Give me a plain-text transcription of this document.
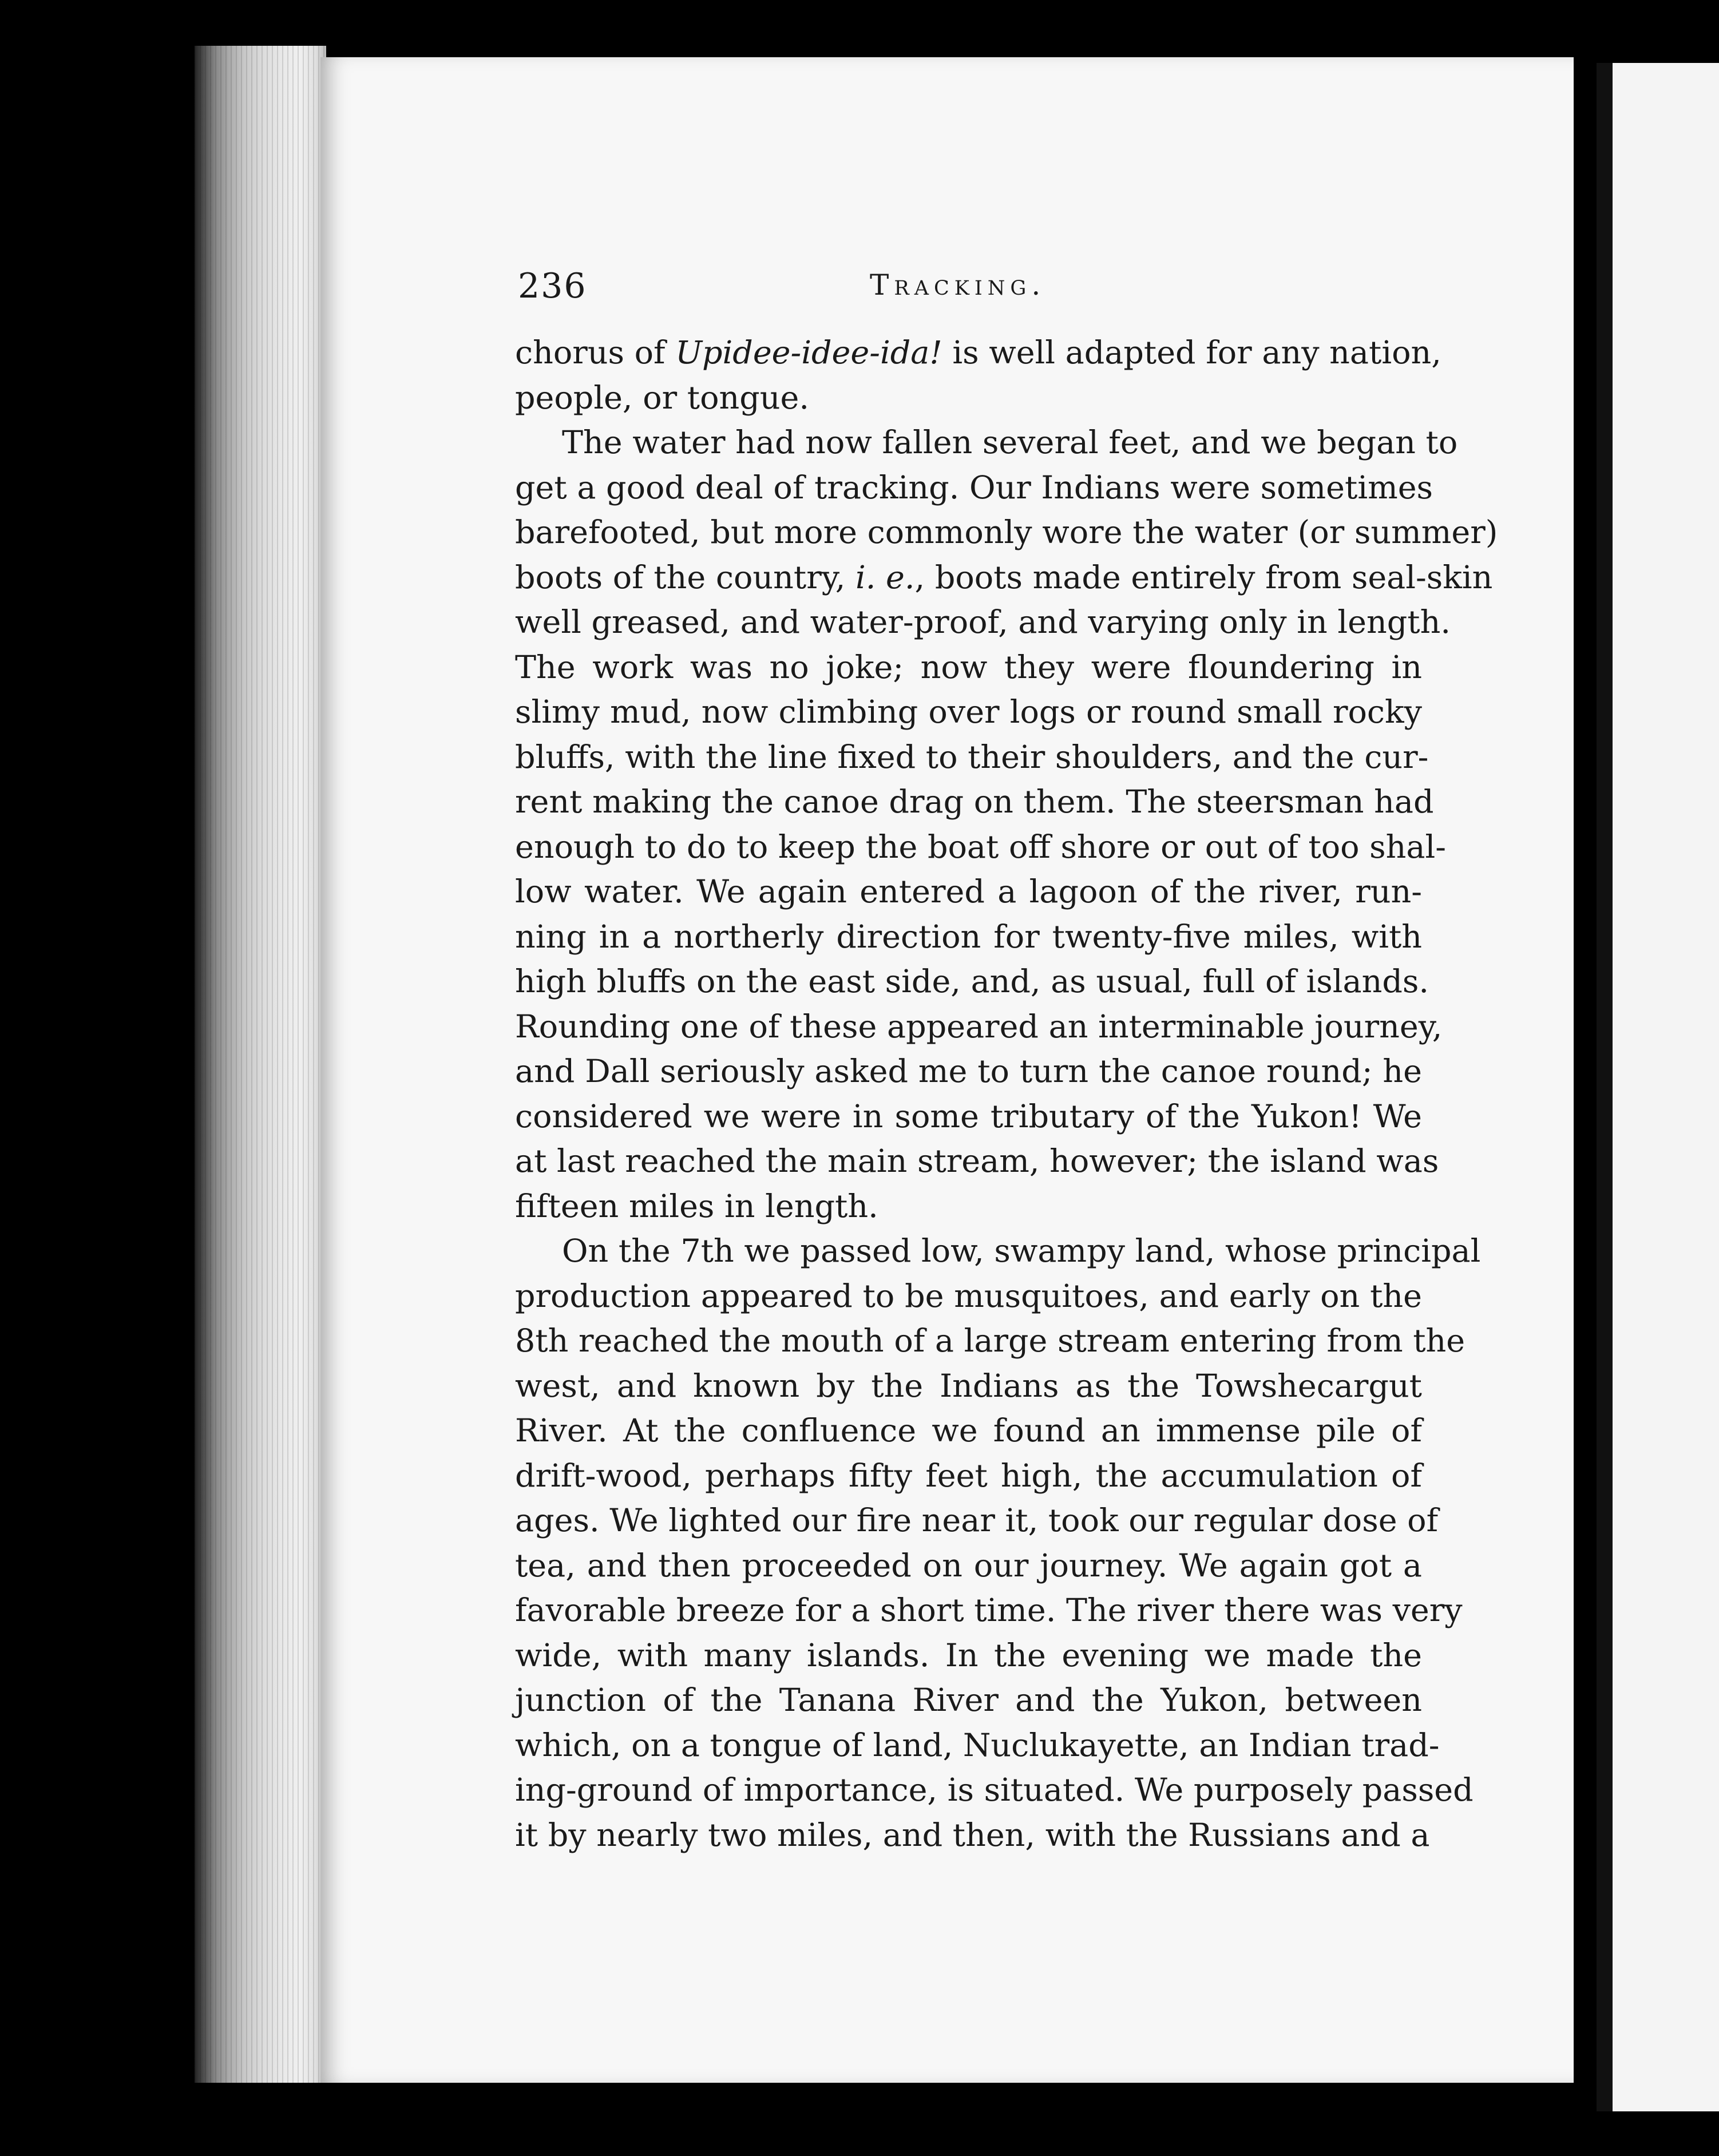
236	Tracking.
chorus of Upidee-idee-ida! is well adapted for any nation,
people, or tongue.
The water had now fallen several feet, and we began to
get a good deal of tracking. Our Indians were sometimes
barefooted, but more commonly wore the water (or summer)
boots of the country, i. e., boots made entirely from seal-skin
well greased, and water-proof, and varying only in length.
The work was no joke; now they were floundering in
slimy mud, now climbing over logs or round small rocky
bluffs, with the line fixed to their shoulders, and the cur-
rent making the canoe drag on them. The steersman had
enough to do to keep the boat off shore or out of too shal-
low water. We again entered a lagoon of the river, run-
ning in a northerly direction for twenty-five miles, with
high bluffs on the east side, and, as usual, full of islands.
Rounding one of these appeared an interminable journey,
and Dall seriously asked me to turn the canoe round; he
considered we were in some tributary of the Yukon! We
at last reached the main stream, however; the island was
fifteen miles in length.
On the 7th we passed low, swampy land, whose principal
production appeared to be musquitoes, and early on the
8th reached the mouth of a large stream entering from the
west, and known by the Indians as the Towshecargut
River. At the confluence we found an immense pile of
drift-wood, perhaps fifty feet high, the accumulation of
ages. We lighted our fire near it, took our regular dose of
tea, and then proceeded on our journey. We again got a
favorable breeze for a short time. The river there was very
wide, with many islands. In the evening we made the
junction of the Tanana River and the Yukon, between
which, on a tongue of land, Nuclukayette, an Indian trad-
ing-ground of importance, is situated. We purposely passed
it by nearly two miles, and then, with the Russians and a
